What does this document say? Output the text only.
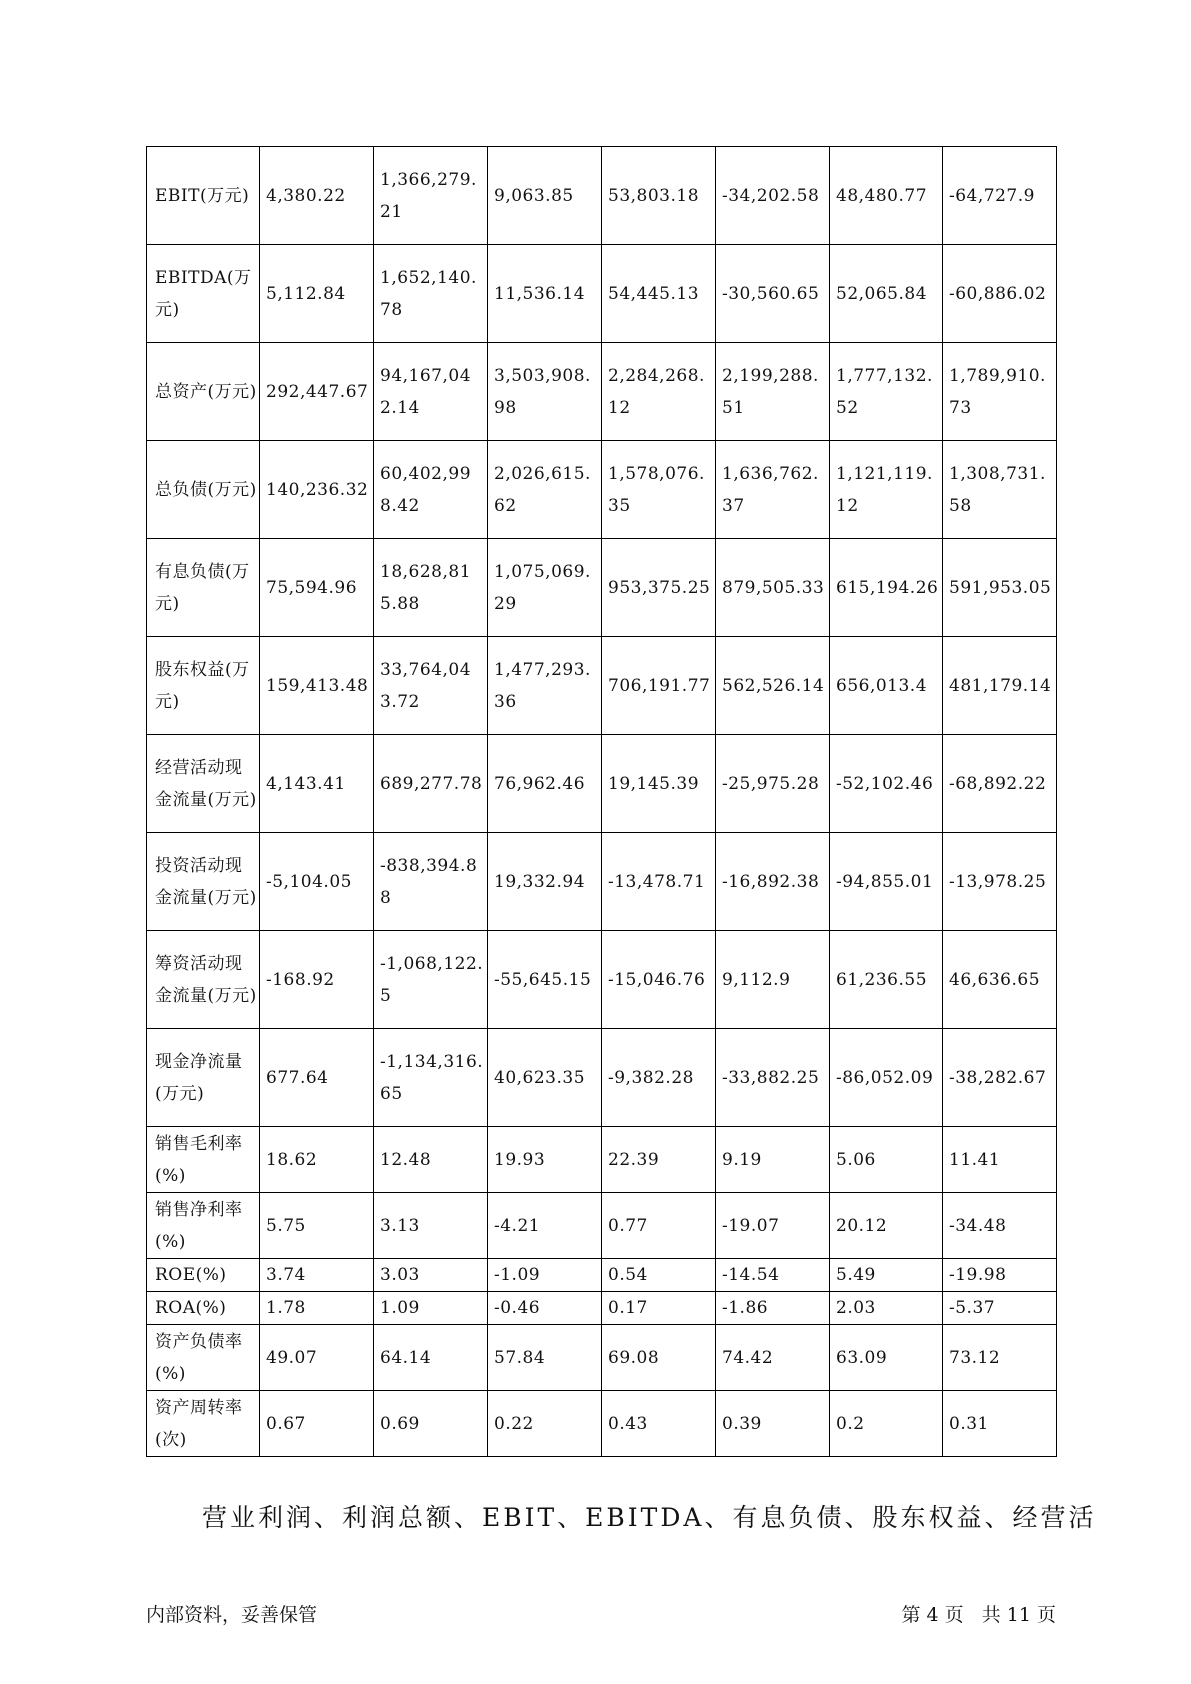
EBIT(万元)	4,380.22	1,366,279.21	9,063.85	53,803.18	-34,202.58	48,480.77	-64,727.9
EBITDA(万元)	5,112.84	1,652,140.78	11,536.14	54,445.13	-30,560.65	52,065.84	-60,886.02
总资产(万元)	292,447.67	94,167,042.14	3,503,908.98	2,284,268.12	2,199,288.51	1,777,132.52	1,789,910.73
总负债(万元)	140,236.32	60,402,998.42	2,026,615.62	1,578,076.35	1,636,762.37	1,121,119.12	1,308,731.58
有息负债(万元)	75,594.96	18,628,815.88	1,075,069.29	953,375.25	879,505.33	615,194.26	591,953.05
股东权益(万元)	159,413.48	33,764,043.72	1,477,293.36	706,191.77	562,526.14	656,013.4	481,179.14
经营活动现金流量(万元)	4,143.41	689,277.78	76,962.46	19,145.39	-25,975.28	-52,102.46	-68,892.22
投资活动现金流量(万元)	-5,104.05	-838,394.88	19,332.94	-13,478.71	-16,892.38	-94,855.01	-13,978.25
筹资活动现金流量(万元)	-168.92	-1,068,122.5	-55,645.15	-15,046.76	9,112.9	61,236.55	46,636.65
现金净流量(万元)	677.64	-1,134,316.65	40,623.35	-9,382.28	-33,882.25	-86,052.09	-38,282.67
销售毛利率(%)	18.62	12.48	19.93	22.39	9.19	5.06	11.41
销售净利率(%)	5.75	3.13	-4.21	0.77	-19.07	20.12	-34.48
ROE(%)	3.74	3.03	-1.09	0.54	-14.54	5.49	-19.98
ROA(%)	1.78	1.09	-0.46	0.17	-1.86	2.03	-5.37
资产负债率(%)	49.07	64.14	57.84	69.08	74.42	63.09	73.12
资产周转率(次)	0.67	0.69	0.22	0.43	0.39	0.2	0.31
营业利润、利润总额、EBIT、EBITDA、有息负债、股东权益、经营活
内部资料，妥善保管	第 4 页   共 11 页
